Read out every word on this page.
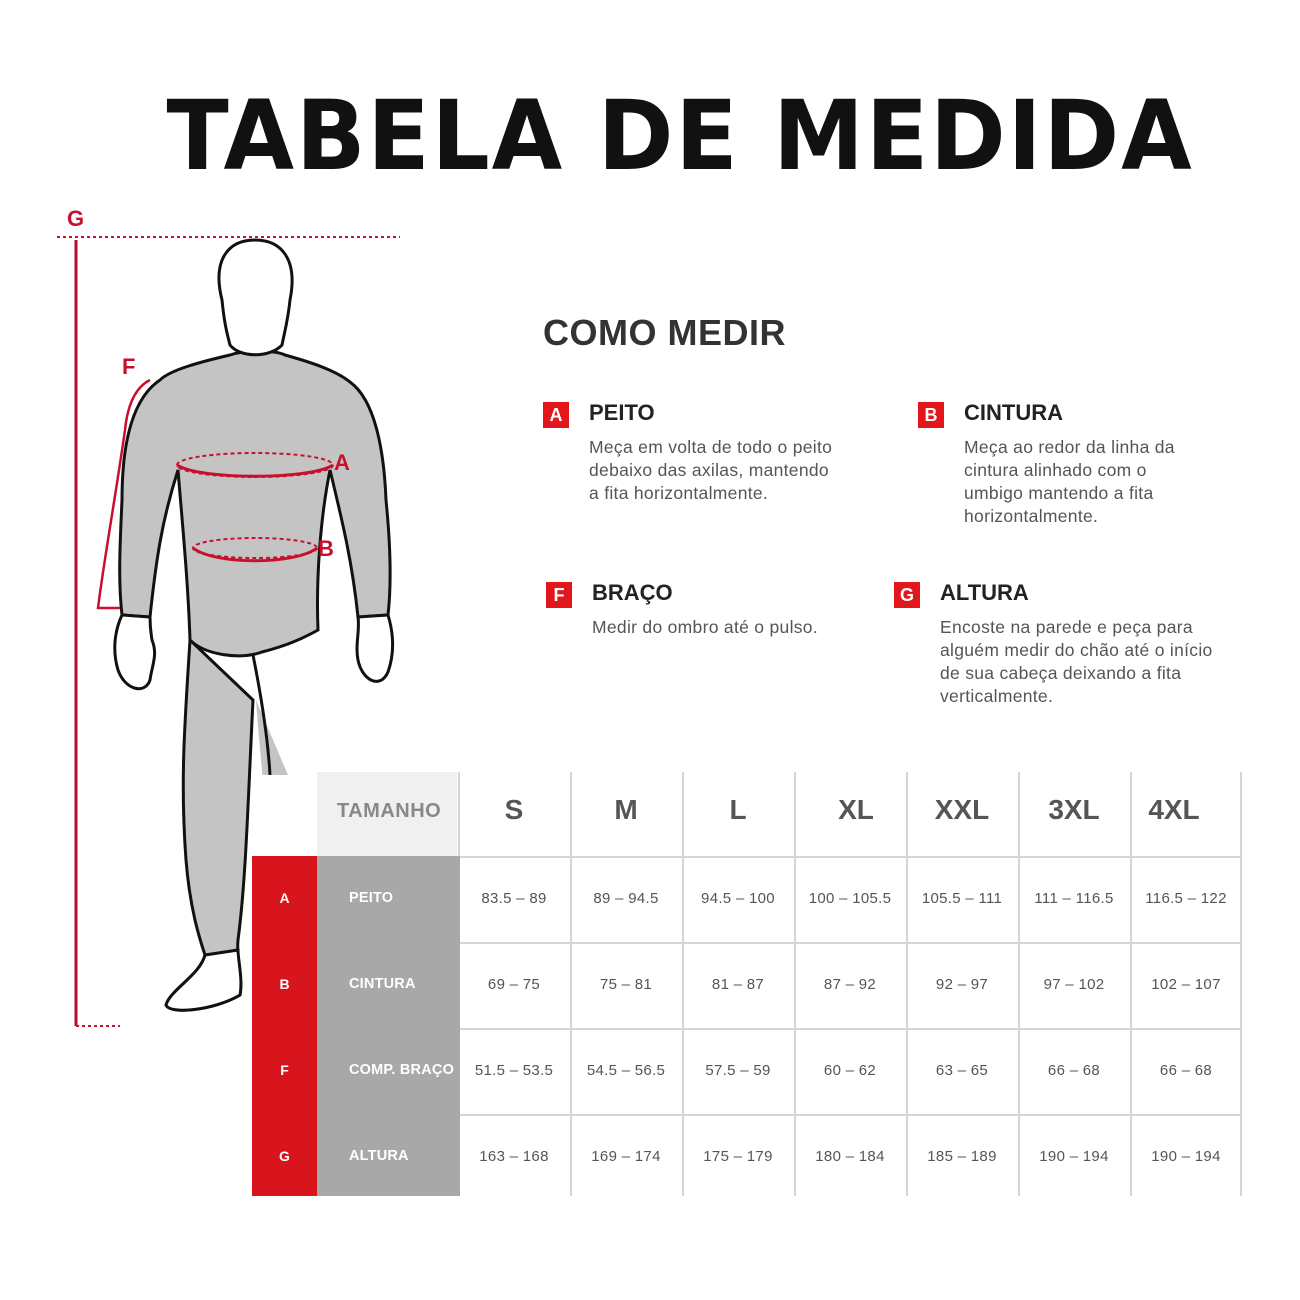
TABELA DE MEDIDA
G
F
A
B
COMO MEDIR
A PEITO
Meça em volta de todo o peito
debaixo das axilas, mantendo
a fita horizontalmente.
B CINTURA
Meça ao redor da linha da
cintura alinhado com o
umbigo mantendo a fita
horizontalmente.
F	BRAÇO
Medir do ombro até o pulso.
G ALTURA
Encoste na parede e peça para
alguém medir do chão até o início
de sua cabeça deixando a fita
verticalmente.
TAMANHO	S	M	L	XL	XXL	3XL	4XL
A	PEITO	83.5 – 89	89 – 94.5	94.5 – 100	100 – 105.5	105.5 – 111	111 – 116.5	116.5 – 122
B	CINTURA	69 – 75	75 – 81	81 – 87	87 – 92	92 – 97	97 – 102	102 – 107
F	COMP. BRAÇO	51.5 – 53.5	54.5 – 56.5	57.5 – 59	60 – 62	63 – 65	66 – 68	66 – 68
G	ALTURA	163 – 168	169 – 174	175 – 179	180 – 184	185 – 189	190 – 194	190 – 194
